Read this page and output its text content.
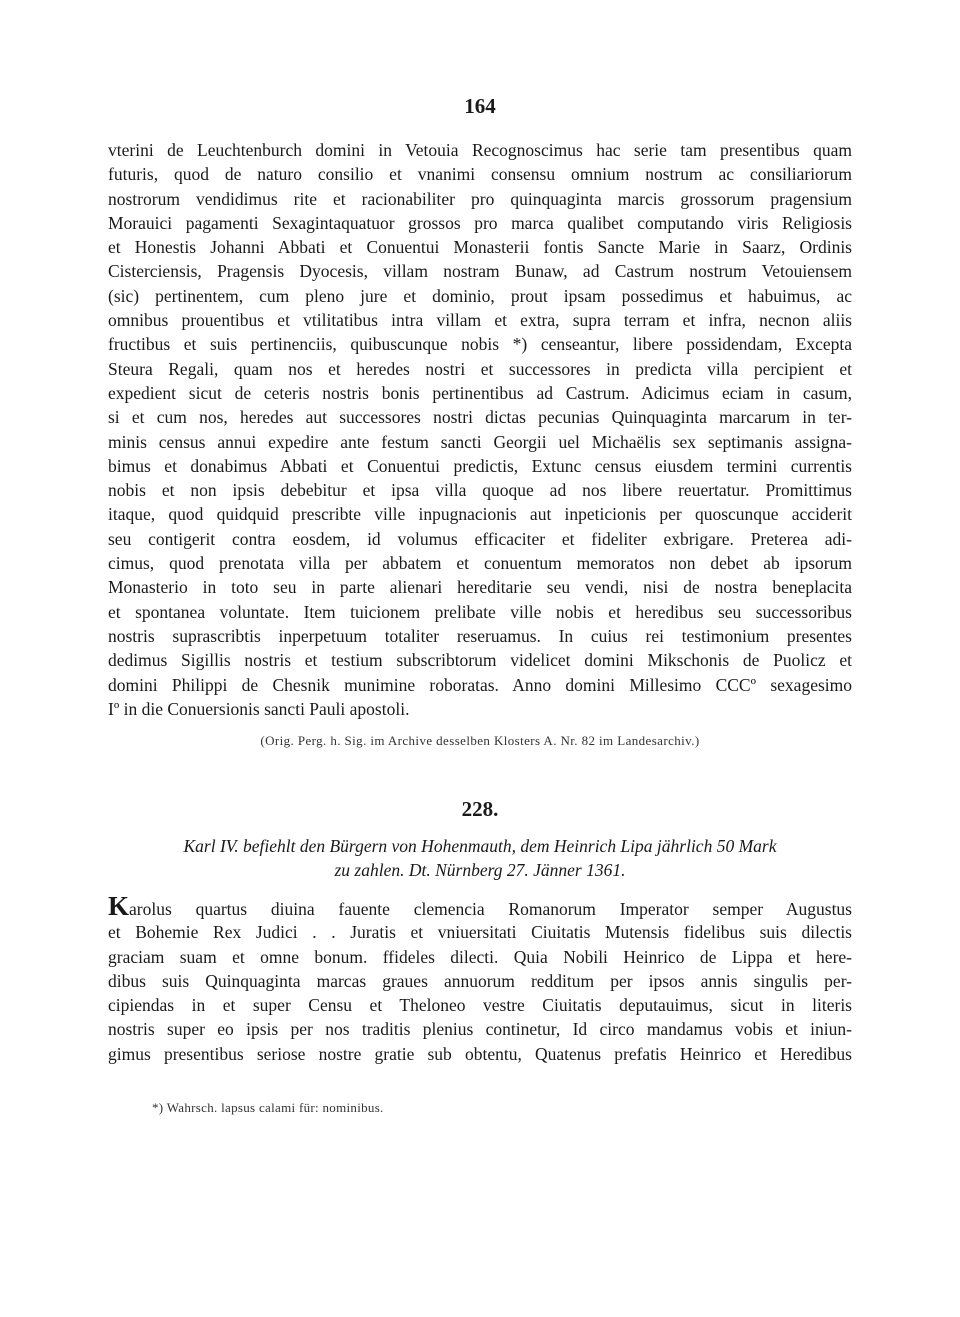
164
vterini de Leuchtenburch domini in Vetouia Recognoscimus hac serie tam presentibus quam
futuris, quod de naturo consilio et vnanimi consensu omnium nostrum ac consiliariorum
nostrorum vendidimus rite et racionabiliter pro quinquaginta marcis grossorum pragensium
Morauici pagamenti Sexagintaquatuor grossos pro marca qualibet computando viris Religiosis
et Honestis Johanni Abbati et Conuentui Monasterii fontis Sancte Marie in Saarz, Ordinis
Cisterciensis, Pragensis Dyocesis, villam nostram Bunaw, ad Castrum nostrum Vetouiensem
(sic) pertinentem, cum pleno jure et dominio, prout ipsam possedimus et habuimus, ac
omnibus prouentibus et vtilitatibus intra villam et extra, supra terram et infra, necnon aliis
fructibus et suis pertinenciis, quibuscunque nobis *) censeantur, libere possidendam, Excepta
Steura Regali, quam nos et heredes nostri et successores in predicta villa percipient et
expedient sicut de ceteris nostris bonis pertinentibus ad Castrum. Adicimus eciam in casum,
si et cum nos, heredes aut successores nostri dictas pecunias Quinquaginta marcarum in ter-
minis census annui expedire ante festum sancti Georgii uel Michaëlis sex septimanis assigna-
bimus et donabimus Abbati et Conuentui predictis, Extunc census eiusdem termini currentis
nobis et non ipsis debebitur et ipsa villa quoque ad nos libere reuertatur. Promittimus
itaque, quod quidquid prescribte ville inpugnacionis aut inpeticionis per quoscunque acciderit
seu contigerit contra eosdem, id volumus efficaciter et fideliter exbrigare. Preterea adi-
cimus, quod prenotata villa per abbatem et conuentum memoratos non debet ab ipsorum
Monasterio in toto seu in parte alienari hereditarie seu vendi, nisi de nostra beneplacita
et spontanea voluntate. Item tuicionem prelibate ville nobis et heredibus seu successoribus
nostris suprascribtis inperpetuum totaliter reseruamus. In cuius rei testimonium presentes
dedimus Sigillis nostris et testium subscribtorum videlicet domini Mikschonis de Puolicz et
domini Philippi de Chesnik munimine roboratas. Anno domini Millesimo CCCº sexagesimo
Iº in die Conuersionis sancti Pauli apostoli.
(Orig. Perg. h. Sig. im Archive desselben Klosters A. Nr. 82 im Landesarchiv.)
228.
Karl IV. befiehlt den Bürgern von Hohenmauth, dem Heinrich Lipa jährlich 50 Mark
zu zahlen. Dt. Nürnberg 27. Jänner 1361.
Karolus quartus diuina fauente clemencia Romanorum Imperator semper Augustus
et Bohemie Rex Judici . . Juratis et vniuersitati Ciuitatis Mutensis fidelibus suis dilectis
graciam suam et omne bonum. ffideles dilecti. Quia Nobili Heinrico de Lippa et here-
dibus suis Quinquaginta marcas graues annuorum redditum per ipsos annis singulis per-
cipiendas in et super Censu et Theloneo vestre Ciuitatis deputauimus, sicut in literis
nostris super eo ipsis per nos traditis plenius continetur, Id circo mandamus vobis et iniun-
gimus presentibus seriose nostre gratie sub obtentu, Quatenus prefatis Heinrico et Heredibus
*) Wahrsch. lapsus calami für: nominibus.
